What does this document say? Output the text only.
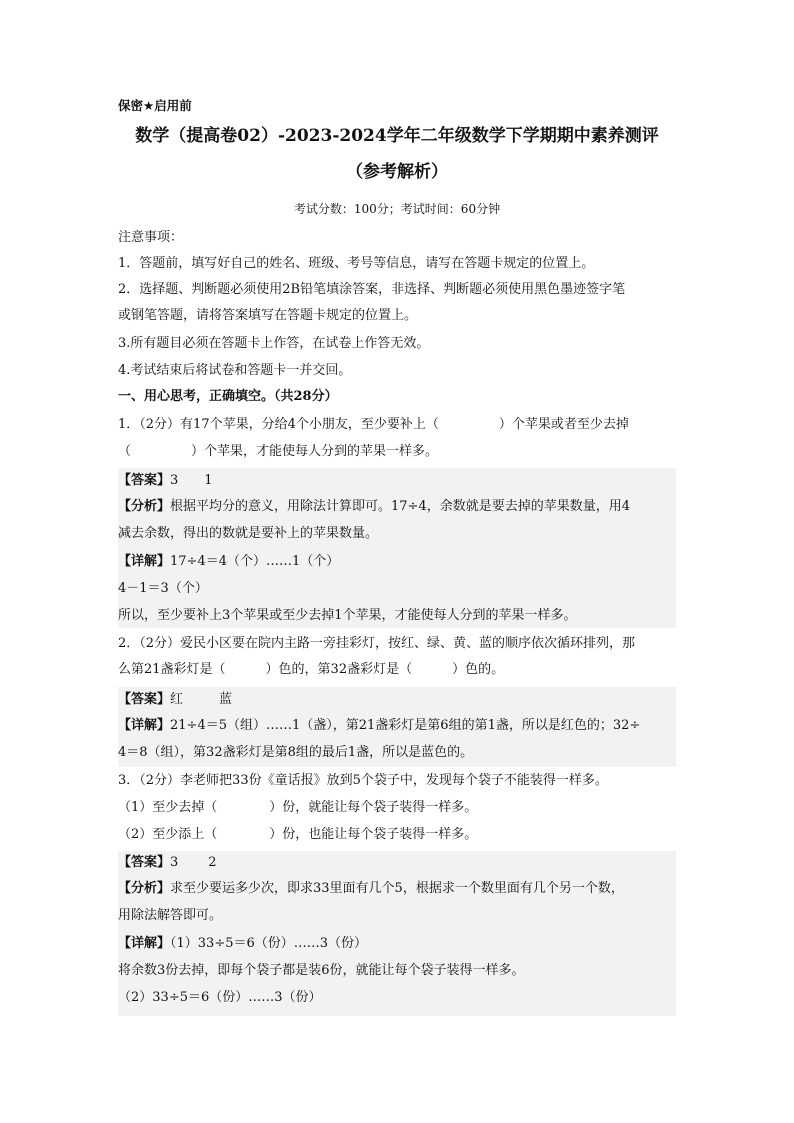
保密★启用前
数学（提高卷02）-2023-2024学年二年级数学下学期期中素养测评
（参考解析）
考试分数：100分；考试时间：60分钟
注意事项：
1．答题前，填写好自己的姓名、班级、考号等信息，请写在答题卡规定的位置上。
2．选择题、判断题必须使用2B铅笔填涂答案，非选择、判断题必须使用黑色墨迹签字笔
或钢笔答题，请将答案填写在答题卡规定的位置上。
3.所有题目必须在答题卡上作答，在试卷上作答无效。
4.考试结束后将试卷和答题卡一并交回。
一、用心思考，正确填空。（共28分）
1．（2分）有17个苹果，分给4个小朋友，至少要补上（	）个苹果或者至少去掉
（	）个苹果，才能使每人分到的苹果一样多。
【答案】3 1
【分析】根据平均分的意义，用除法计算即可。17÷4，余数就是要去掉的苹果数量，用4
减去余数，得出的数就是要补上的苹果数量。
【详解】17÷4＝4（个）……1（个）
4－1＝3（个）
所以，至少要补上3个苹果或至少去掉1个苹果，才能使每人分到的苹果一样多。
2．（2分）爱民小区要在院内主路一旁挂彩灯，按红、绿、黄、蓝的顺序依次循环排列，那
么第21盏彩灯是（	）色的，第32盏彩灯是（	）色的。
【答案】红	蓝
【详解】21÷4＝5（组）……1（盏），第21盏彩灯是第6组的第1盏，所以是红色的；32÷
4＝8（组），第32盏彩灯是第8组的最后1盏，所以是蓝色的。
3．（2分）李老师把33份《童话报》放到5个袋子中，发现每个袋子不能装得一样多。
（1）至少去掉（	）份，就能让每个袋子装得一样多。
（2）至少添上（	）份，也能让每个袋子装得一样多。
【答案】3 2
【分析】求至少要运多少次，即求33里面有几个5，根据求一个数里面有几个另一个数，
用除法解答即可。
【详解】（1）33÷5＝6（份）……3（份）
将余数3份去掉，即每个袋子都是装6份，就能让每个袋子装得一样多。
（2）33÷5＝6（份）……3（份）
